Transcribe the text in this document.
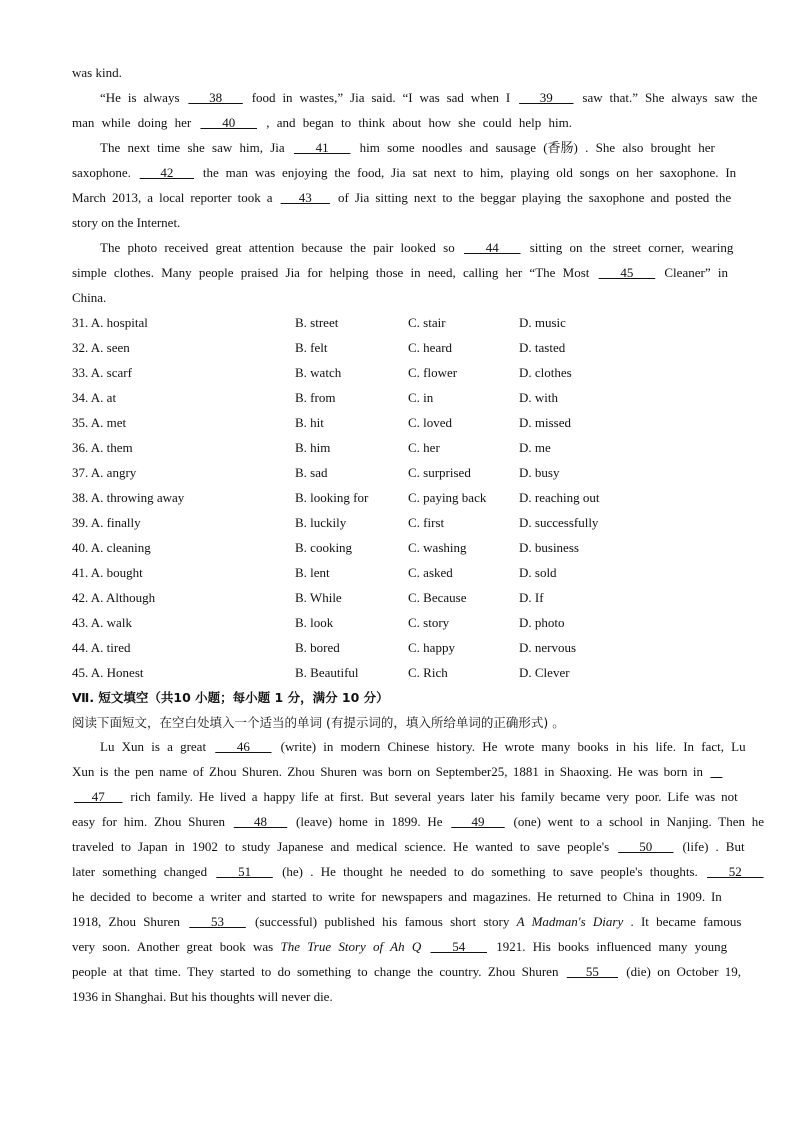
was kind.
“He is always    38    food in wastes,” Jia said. “I was sad when I    39    saw that.” She always saw the
man while doing her    40    , and began to think about how she could help him.
The next time she saw him, Jia    41    him some noodles and sausage (香肠) . She also brought her
saxophone.    42    the man was enjoying the food, Jia sat next to him, playing old songs on her saxophone. In
March 2013, a local reporter took a    43    of Jia sitting next to the beggar playing the saxophone and posted the
story on the Internet.
The photo received great attention because the pair looked so    44    sitting on the street corner, wearing
simple clothes. Many people praised Jia for helping those in need, calling her “The Most    45    Cleaner” in
China.
31. A. hospital	B. street	C. stair	D. music
32. A. seen	B. felt	C. heard	D. tasted
33. A. scarf	B. watch	C. flower	D. clothes
34. A. at	B. from	C. in	D. with
35. A. met	B. hit	C. loved	D. missed
36. A. them	B. him	C. her	D. me
37. A. angry	B. sad	C. surprised	D. busy
38. A. throwing away	B. looking for	C. paying back	D. reaching out
39. A. finally	B. luckily	C. first	D. successfully
40. A. cleaning	B. cooking	C. washing	D. business
41. A. bought	B. lent	C. asked	D. sold
42. A. Although	B. While	C. Because	D. If
43. A. walk	B. look	C. story	D. photo
44. A. tired	B. bored	C. happy	D. nervous
45. A. Honest	B. Beautiful	C. Rich	D. Clever
Ⅶ. 短文填空（共10 小题；每小题 1 分，满分 10 分）
阅读下面短文，在空白处填入一个适当的单词 (有提示词的，填入所给单词的正确形式) 。
Lu Xun is a great    46    (write) in modern Chinese history. He wrote many books in his life. In fact, Lu
Xun is the pen name of Zhou Shuren. Zhou Shuren was born on September25, 1881 in Shaoxing. He was born in  _
47    rich family. He lived a happy life at first. But several years later his family became very poor. Life was not
easy for him. Zhou Shuren    48    (leave) home in 1899. He    49    (one) went to a school in Nanjing. Then he
traveled to Japan in 1902 to study Japanese and medical science. He wanted to save people's    50    (life) . But
later something changed    51    (he) . He thought he needed to do something to save people's thoughts.    52
he decided to become a writer and started to write for newspapers and magazines. He returned to China in 1909. In
1918, Zhou Shuren    53    (successful) published his famous short story A Madman's Diary . It became famous
very soon. Another great book was The True Story of Ah Q    54    1921. His books influenced many young
people at that time. They started to do something to change the country. Zhou Shuren    55    (die) on October 19,
1936 in Shanghai. But his thoughts will never die.
